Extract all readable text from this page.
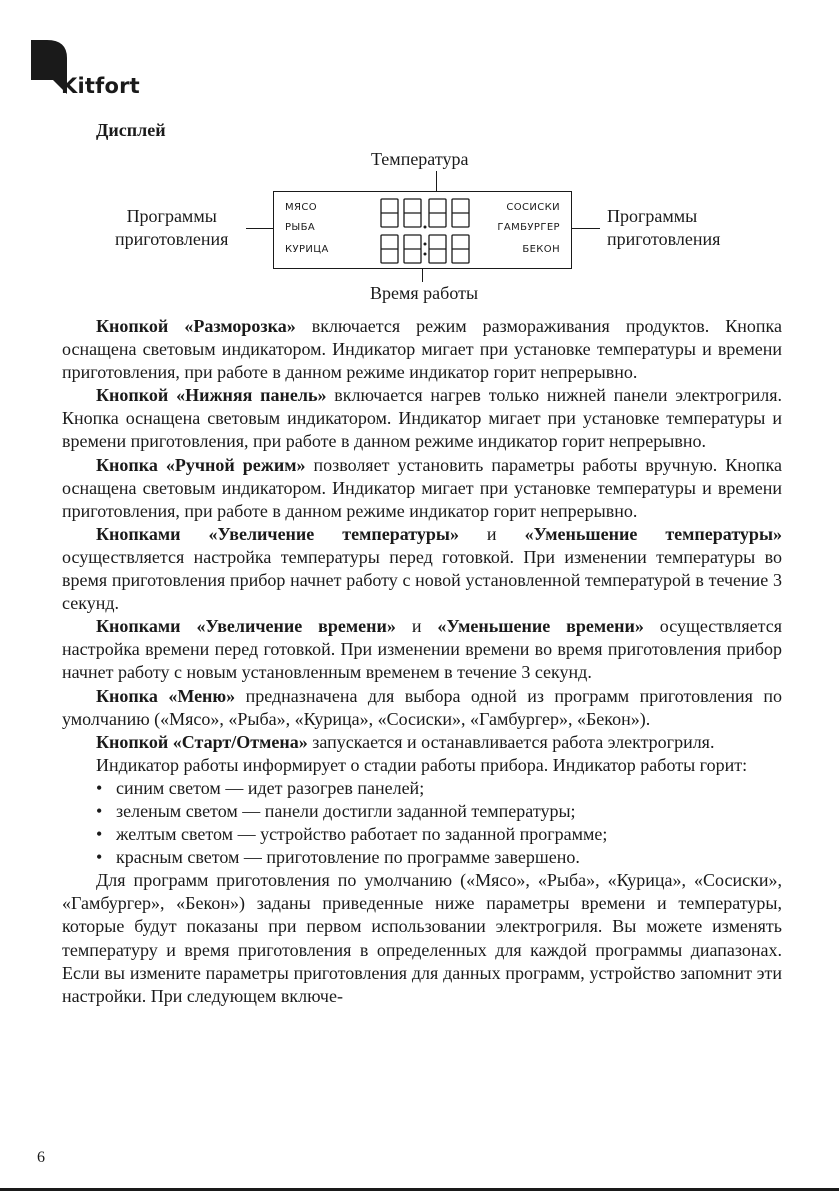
Kitfort
Дисплей
Температура
Программы
приготовления
Программы
приготовления
МЯСО
РЫБА
КУРИЦА
СОСИСКИ
ГАМБУРГЕР
БЕКОН
Время работы

Кнопкой «Разморозка» включается режим размораживания продуктов. Кнопка оснащена световым индикатором. Индикатор мигает при установке температуры и времени приготовления, при работе в данном режиме индикатор горит непрерывно.

Кнопкой «Нижняя панель» включается нагрев только нижней панели электрогриля. Кнопка оснащена световым индикатором. Индикатор мигает при установке температуры и времени приготовления, при работе в данном режиме индикатор горит непрерывно.

Кнопка «Ручной режим» позволяет установить параметры работы вручную. Кнопка оснащена световым индикатором. Индикатор мигает при установке температуры и времени приготовления, при работе в данном режиме индикатор горит непрерывно.

Кнопками «Увеличение температуры» и «Уменьшение температуры» осуществляется настройка температуры перед готовкой. При изменении температуры во время приготовления прибор начнет работу с новой установленной температурой в течение 3 секунд.

Кнопками «Увеличение времени» и «Уменьшение времени» осуществляется настройка времени перед готовкой. При изменении времени во время приготовления прибор начнет работу с новым установленным временем в течение 3 секунд.

Кнопка «Меню» предназначена для выбора одной из программ приготовления по умолчанию («Мясо», «Рыба», «Курица», «Сосиски», «Гамбургер», «Бекон»).

Кнопкой «Старт/Отмена» запускается и останавливается работа электрогриля.

Индикатор работы информирует о стадии работы прибора. Индикатор работы горит:

• синим светом — идет разогрев панелей;
• зеленым светом — панели достигли заданной температуры;
• желтым светом — устройство работает по заданной программе;
• красным светом — приготовление по программе завершено.

Для программ приготовления по умолчанию («Мясо», «Рыба», «Курица», «Сосиски», «Гамбургер», «Бекон») заданы приведенные ниже параметры времени и температуры, которые будут показаны при первом использовании электрогриля. Вы можете изменять температуру и время приготовления в определенных для каждой программы диапазонах. Если вы измените параметры приготовления для данных программ, устройство запомнит эти настройки. При следующем включе-

6
